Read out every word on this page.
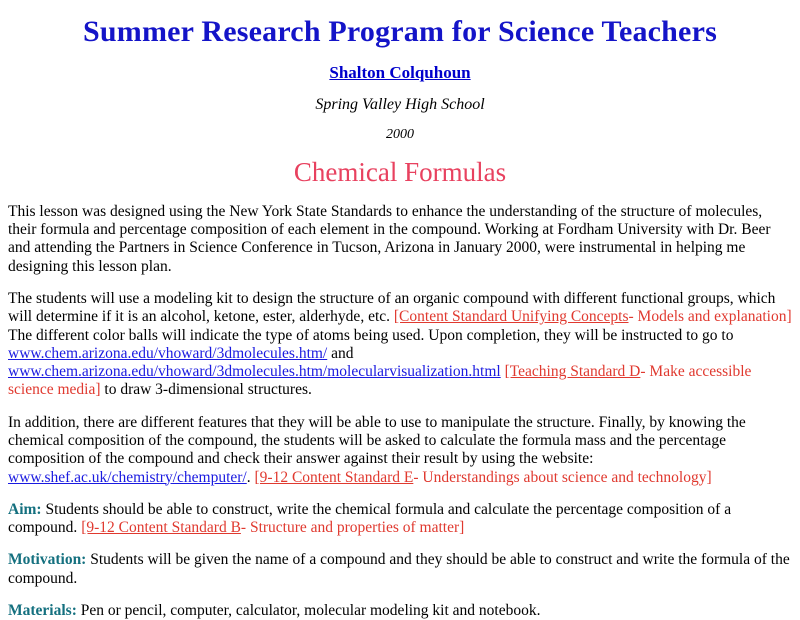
Summer Research Program for Science Teachers
Shalton Colquhoun
Spring Valley High School
2000
Chemical Formulas

This lesson was designed using the New York State Standards to enhance the understanding of the structure of molecules, their formula and percentage composition of each element in the compound. Working at Fordham University with Dr. Beer and attending the Partners in Science Conference in Tucson, Arizona in January 2000, were instrumental in helping me designing this lesson plan.

The students will use a modeling kit to design the structure of an organic compound with different functional groups, which will determine if it is an alcohol, ketone, ester, alderhyde, etc. [Content Standard Unifying Concepts- Models and explanation] The different color balls will indicate the type of atoms being used. Upon completion, they will be instructed to go to www.chem.arizona.edu/vhoward/3dmolecules.htm/ and www.chem.arizona.edu/vhoward/3dmolecules.htm/molecularvisualization.html [Teaching Standard D- Make accessible science media] to draw 3-dimensional structures.

In addition, there are different features that they will be able to use to manipulate the structure. Finally, by knowing the chemical composition of the compound, the students will be asked to calculate the formula mass and the percentage composition of the compound and check their answer against their result by using the website: www.shef.ac.uk/chemistry/chemputer/. [9-12 Content Standard E- Understandings about science and technology]

Aim: Students should be able to construct, write the chemical formula and calculate the percentage composition of a compound. [9-12 Content Standard B- Structure and properties of matter]

Motivation: Students will be given the name of a compound and they should be able to construct and write the formula of the compound.

Materials: Pen or pencil, computer, calculator, molecular modeling kit and notebook.
